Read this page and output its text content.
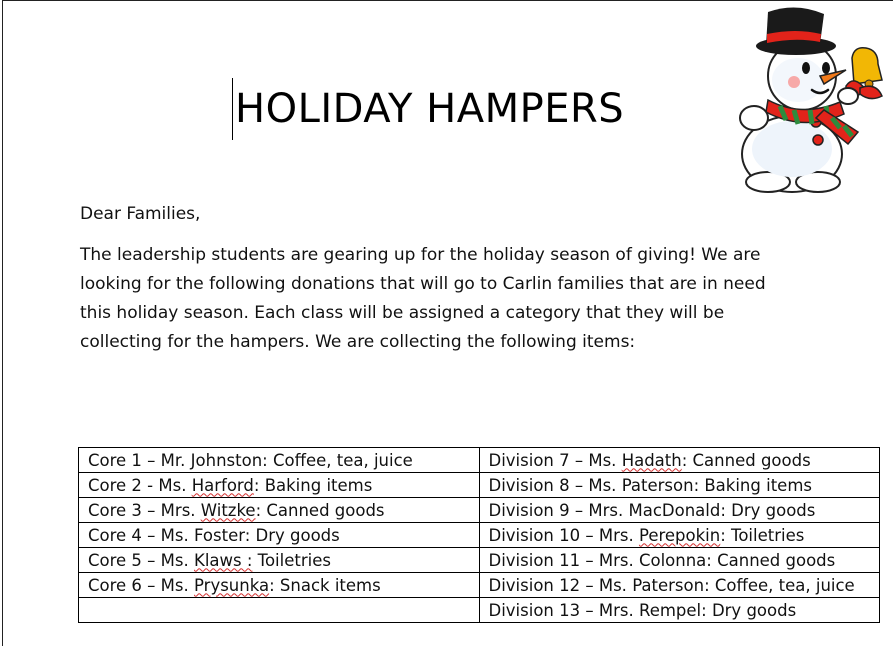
HOLIDAY HAMPERS
Dear Families,
The leadership students are gearing up for the holiday season of giving! We are
looking for the following donations that will go to Carlin families that are in need
this holiday season. Each class will be assigned a category that they will be
collecting for the hampers. We are collecting the following items:
Core 1 – Mr. Johnston: Coffee, tea, juice	Division 7 – Ms. Hadath: Canned goods
Core 2 - Ms. Harford: Baking items	Division 8 – Ms. Paterson: Baking items
Core 3 – Mrs. Witzke: Canned goods	Division 9 – Mrs. MacDonald: Dry goods
Core 4 – Ms. Foster: Dry goods	Division 10 – Mrs. Perepokin: Toiletries
Core 5 – Ms. Klaws : Toiletries	Division 11 – Mrs. Colonna: Canned goods
Core 6 – Ms. Prysunka: Snack items	Division 12 – Ms. Paterson: Coffee, tea, juice
	Division 13 – Mrs. Rempel: Dry goods
